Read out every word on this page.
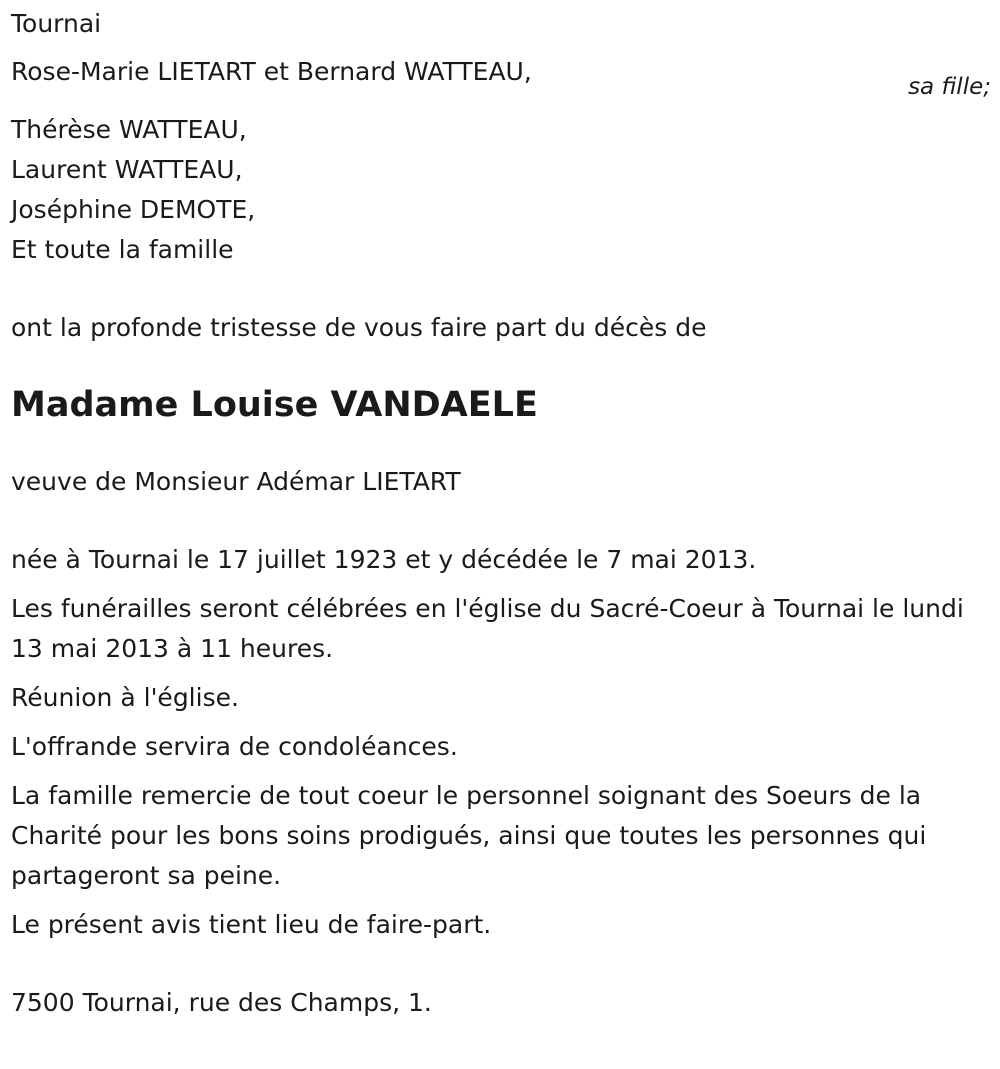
Tournai
Rose-Marie LIETART et Bernard WATTEAU,
sa fille;
Thérèse WATTEAU,
Laurent WATTEAU,
Joséphine DEMOTE,
Et toute la famille
ont la profonde tristesse de vous faire part du décès de
Madame Louise VANDAELE
veuve de Monsieur Adémar LIETART
née à Tournai le 17 juillet 1923 et y décédée le 7 mai 2013.
Les funérailles seront célébrées en l'église du Sacré-Coeur à Tournai le lundi 13 mai 2013 à 11 heures.
Réunion à l'église.
L'offrande servira de condoléances.
La famille remercie de tout coeur le personnel soignant des Soeurs de la Charité pour les bons soins prodigués, ainsi que toutes les personnes qui partageront sa peine.
Le présent avis tient lieu de faire-part.
7500 Tournai, rue des Champs, 1.
